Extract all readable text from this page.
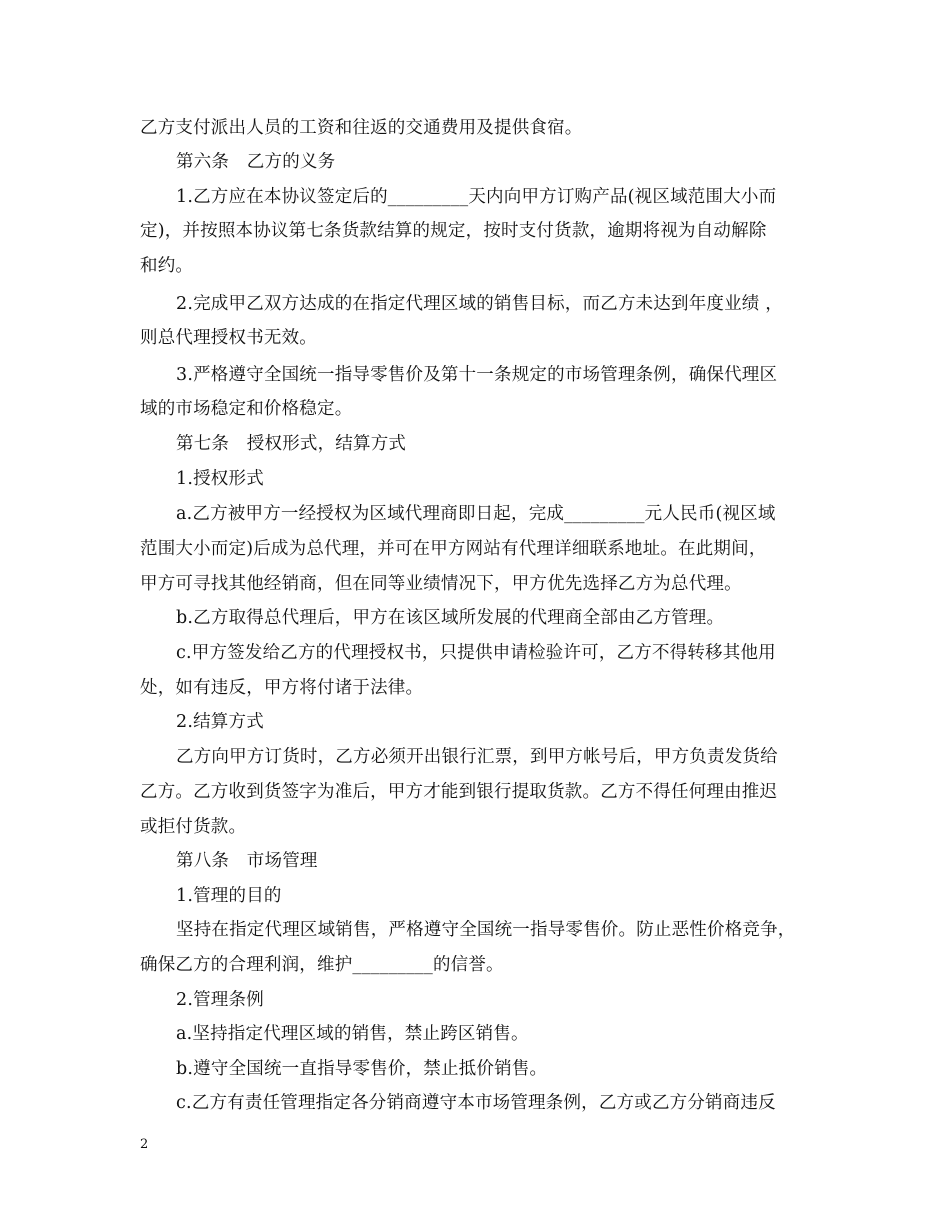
乙方支付派出人员的工资和往返的交通费用及提供食宿。
第六条　乙方的义务
1.乙方应在本协议签定后的_________天内向甲方订购产品(视区域范围大小而
定)，并按照本协议第七条货款结算的规定，按时支付货款，逾期将视为自动解除
和约。
2.完成甲乙双方达成的在指定代理区域的销售目标，而乙方未达到年度业绩 ，
则总代理授权书无效。
3.严格遵守全国统一指导零售价及第十一条规定的市场管理条例，确保代理区
域的市场稳定和价格稳定。
第七条　授权形式，结算方式
1.授权形式
a.乙方被甲方一经授权为区域代理商即日起，完成_________元人民币(视区域
范围大小而定)后成为总代理，并可在甲方网站有代理详细联系地址。在此期间，
甲方可寻找其他经销商，但在同等业绩情况下，甲方优先选择乙方为总代理。
b.乙方取得总代理后，甲方在该区域所发展的代理商全部由乙方管理。
c.甲方签发给乙方的代理授权书，只提供申请检验许可，乙方不得转移其他用
处，如有违反，甲方将付诸于法律。
2.结算方式
乙方向甲方订货时，乙方必须开出银行汇票，到甲方帐号后，甲方负责发货给
乙方。乙方收到货签字为准后，甲方才能到银行提取货款。乙方不得任何理由推迟
或拒付货款。
第八条　市场管理
1.管理的目的
坚持在指定代理区域销售，严格遵守全国统一指导零售价。防止恶性价格竞争，
确保乙方的合理利润，维护_________的信誉。
2.管理条例
a.坚持指定代理区域的销售，禁止跨区销售。
b.遵守全国统一直指导零售价，禁止抵价销售。
c.乙方有责任管理指定各分销商遵守本市场管理条例，乙方或乙方分销商违反
2
